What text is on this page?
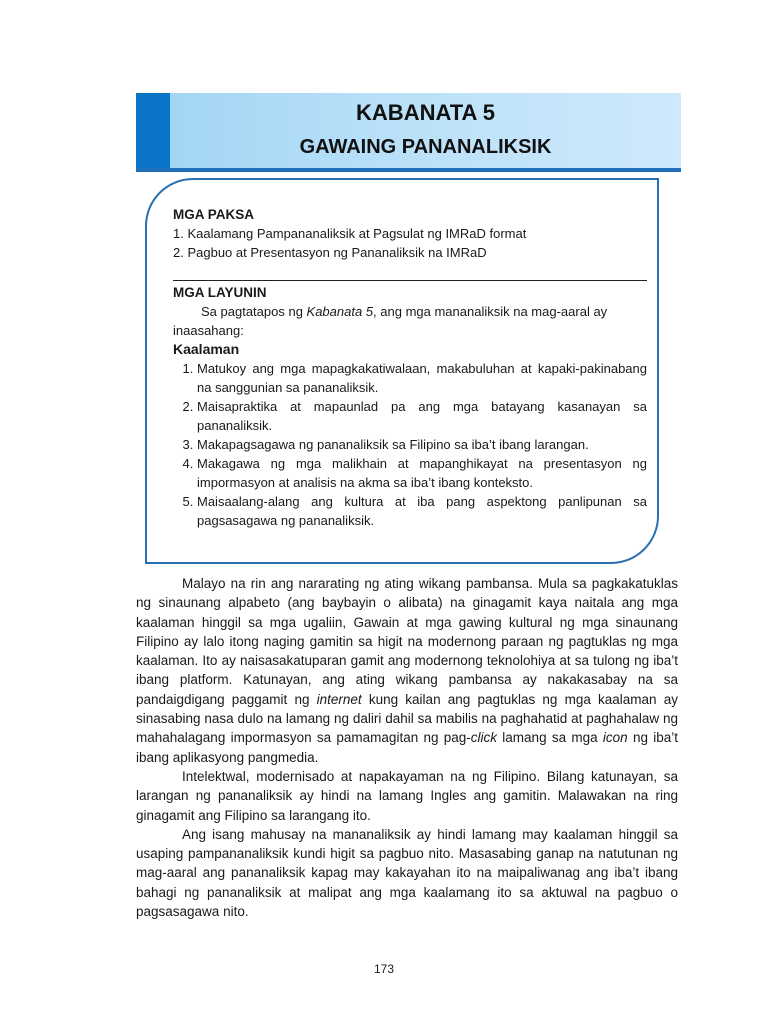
KABANATA 5
GAWAING PANANALIKSIK

MGA PAKSA

1. Kaalamang Pampananaliksik at Pagsulat ng IMRaD format

2. Pagbuo at Presentasyon ng Pananaliksik na IMRaD

MGA LAYUNIN

Sa pagtatapos ng Kabanata 5, ang mga mananaliksik na mag-aaral ay inaasahang:

Kaalaman

1. Matukoy ang mga mapagkakatiwalaan, makabuluhan at kapaki-pakinabang na sanggunian sa pananaliksik.
2. Maisapraktika at mapaunlad pa ang mga batayang kasanayan sa pananaliksik.
3. Makapagsagawa ng pananaliksik sa Filipino sa iba’t ibang larangan.
4. Makagawa ng mga malikhain at mapanghikayat na presentasyon ng impormasyon at analisis na akma sa iba’t ibang konteksto.
5. Maisaalang-alang ang kultura at iba pang aspektong panlipunan sa pagsasagawa ng pananaliksik.

Malayo na rin ang nararating ng ating wikang pambansa. Mula sa pagkakatuklas ng sinaunang alpabeto (ang baybayin o alibata) na ginagamit kaya naitala ang mga kaalaman hinggil sa mga ugaliin, Gawain at mga gawing kultural ng mga sinaunang Filipino ay lalo itong naging gamitin sa higit na modernong paraan ng pagtuklas ng mga kaalaman. Ito ay naisasakatuparan gamit ang modernong teknolohiya at sa tulong ng iba’t ibang platform. Katunayan, ang ating wikang pambansa ay nakakasabay na sa pandaigdigang paggamit ng internet kung kailan ang pagtuklas ng mga kaalaman ay sinasabing nasa dulo na lamang ng daliri dahil sa mabilis na paghahatid at paghahalaw ng mahahalagang impormasyon sa pamamagitan ng pag-click lamang sa mga icon ng iba’t ibang aplikasyong pangmedia.

Intelektwal, modernisado at napakayaman na ng Filipino. Bilang katunayan, sa larangan ng pananaliksik ay hindi na lamang Ingles ang gamitin. Malawakan na ring ginagamit ang Filipino sa larangang ito.

Ang isang mahusay na mananaliksik ay hindi lamang may kaalaman hinggil sa usaping pampananaliksik kundi higit sa pagbuo nito. Masasabing ganap na natutunan ng mag-aaral ang pananaliksik kapag may kakayahan ito na maipaliwanag ang iba’t ibang bahagi ng pananaliksik at malipat ang mga kaalamang ito sa aktuwal na pagbuo o pagsasagawa nito.

173
